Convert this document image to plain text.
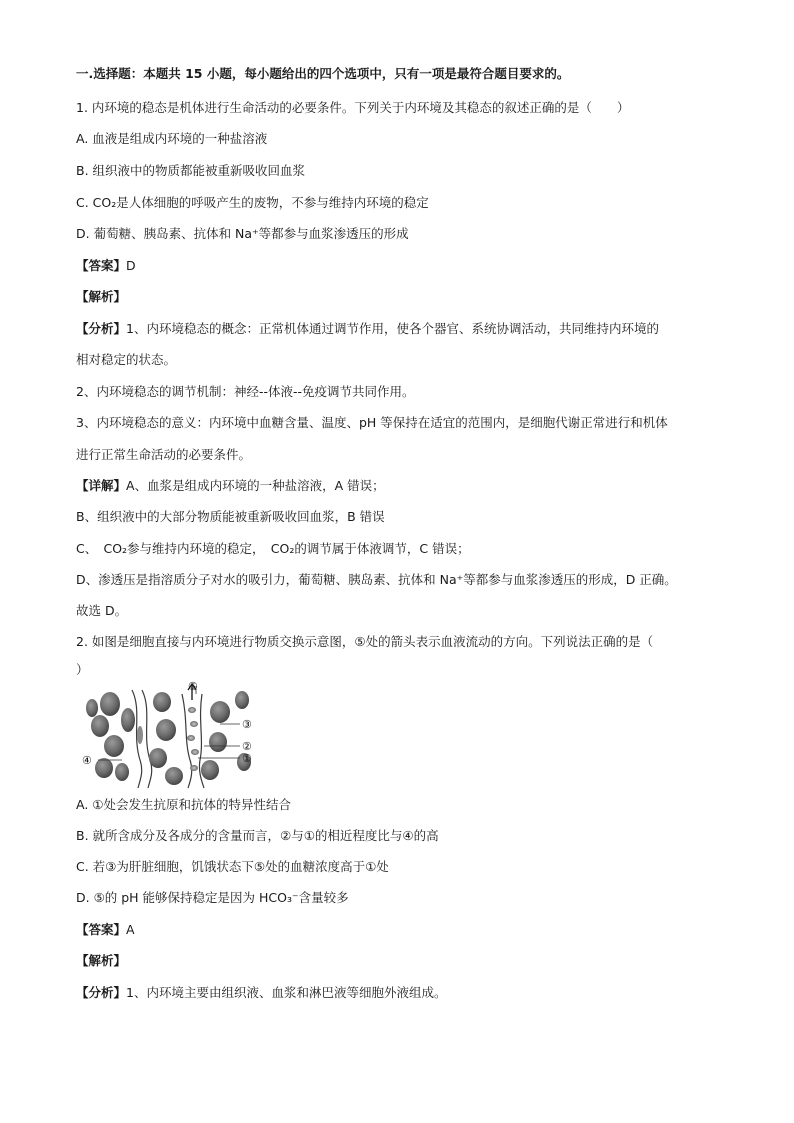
一.选择题：本题共 15 小题，每小题给出的四个选项中，只有一项是最符合题目要求的。
1. 内环境的稳态是机体进行生命活动的必要条件。下列关于内环境及其稳态的叙述正确的是（　　）
A. 血液是组成内环境的一种盐溶液
B. 组织液中的物质都能被重新吸收回血浆
C. CO₂是人体细胞的呼吸产生的废物，不参与维持内环境的稳定
D. 葡萄糖、胰岛素、抗体和 Na⁺等都参与血浆渗透压的形成
【答案】D
【解析】
【分析】1、内环境稳态的概念：正常机体通过调节作用，使各个器官、系统协调活动，共同维持内环境的
相对稳定的状态。
2、内环境稳态的调节机制：神经--体液--免疫调节共同作用。
3、内环境稳态的意义：内环境中血糖含量、温度、pH 等保持在适宜的范围内，是细胞代谢正常进行和机体
进行正常生命活动的必要条件。
【详解】A、血浆是组成内环境的一种盐溶液，A 错误；
B、组织液中的大部分物质能被重新吸收回血浆，B 错误
C、　CO₂参与维持内环境的稳定，　CO₂的调节属于体液调节，C 错误；
D、渗透压是指溶质分子对水的吸引力，葡萄糖、胰岛素、抗体和 Na⁺等都参与血浆渗透压的形成，D 正确。
故选 D。
2. 如图是细胞直接与内环境进行物质交换示意图，⑤处的箭头表示血液流动的方向。下列说法正确的是（
）
⑤
③
②
①
④
A. ①处会发生抗原和抗体的特异性结合
B. 就所含成分及各成分的含量而言，②与①的相近程度比与④的高
C. 若③为肝脏细胞，饥饿状态下⑤处的血糖浓度高于①处
D. ⑤的 pH 能够保持稳定是因为 HCO₃⁻含量较多
【答案】A
【解析】
【分析】1、内环境主要由组织液、血浆和淋巴液等细胞外液组成。
